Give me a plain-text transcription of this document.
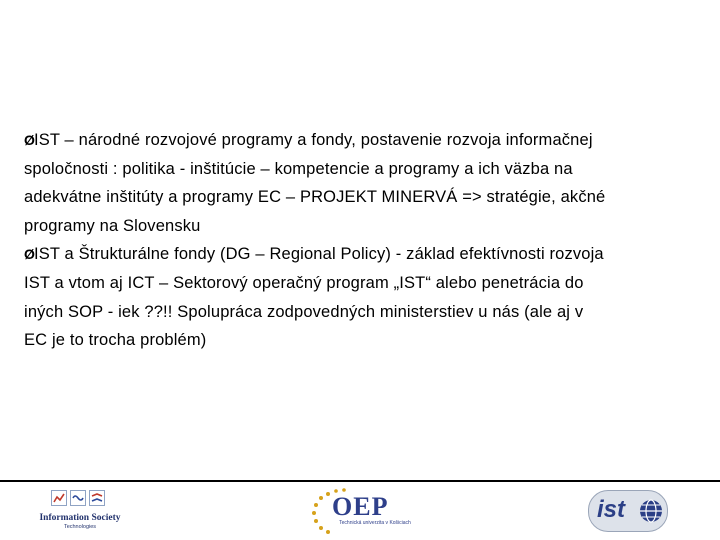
ØIST – národné rozvojové programy a fondy, postavenie rozvoja informačnej
spoločnosti : politika - inštitúcie – kompetencie a programy a ich väzba na
adekvátne inštitúty a programy EC – PROJEKT MINERVÁ => stratégie, akčné
programy na Slovensku

ØIST a Štrukturálne fondy (DG – Regional Policy) - základ efektívnosti rozvoja
IST a vtom aj ICT – Sektorový operačný program „IST“ alebo penetrácia do
iných SOP - iek ??!! Spolupráca zodpovedných ministerstiev u nás (ale aj v
EC je to trocha problém)

Information Society
Technologies
OEP
Technická univerzita v Košiciach	ist
